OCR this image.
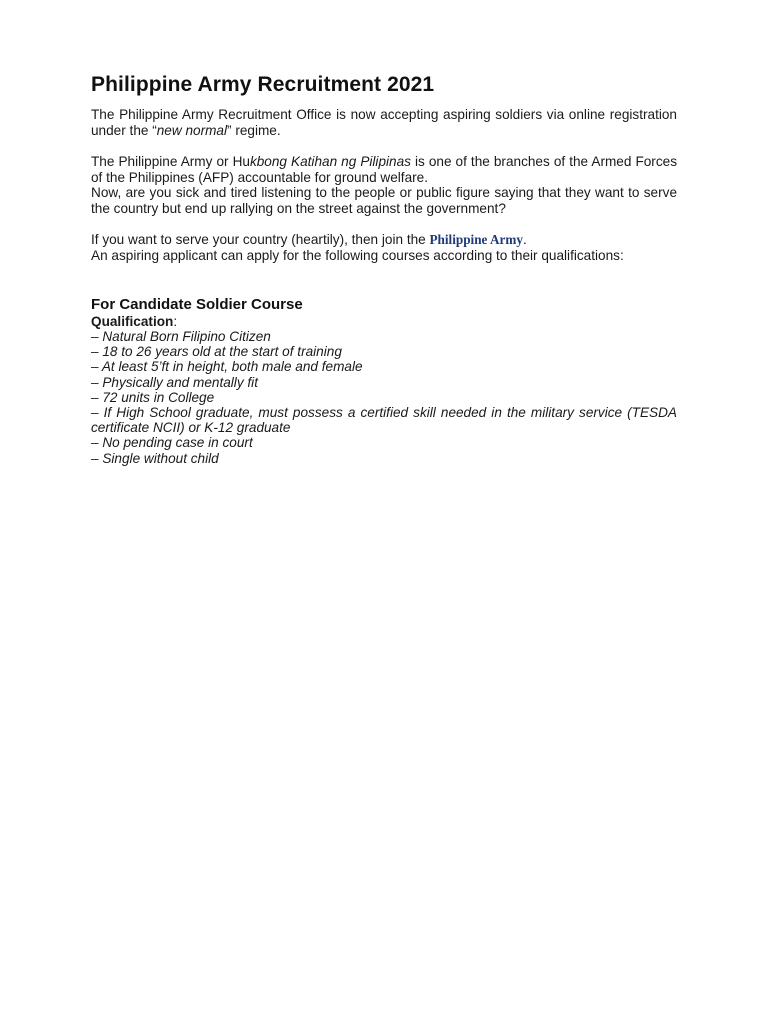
Philippine Army Recruitment 2021

The Philippine Army Recruitment Office is now accepting aspiring soldiers via online registration under the “new normal” regime.

The Philippine Army or Hukbong Katihan ng Pilipinas is one of the branches of the Armed Forces of the Philippines (AFP) accountable for ground welfare.

Now, are you sick and tired listening to the people or public figure saying that they want to serve the country but end up rallying on the street against the government?

If you want to serve your country (heartily), then join the Philippine Army.

An aspiring applicant can apply for the following courses according to their qualifications:

For Candidate Soldier Course

Qualification:

– Natural Born Filipino Citizen
– 18 to 26 years old at the start of training
– At least 5’ft in height, both male and female
– Physically and mentally fit
– 72 units in College
– If High School graduate, must possess a certified skill needed in the military service (TESDA certificate NCII) or K-12 graduate
– No pending case in court
– Single without child
